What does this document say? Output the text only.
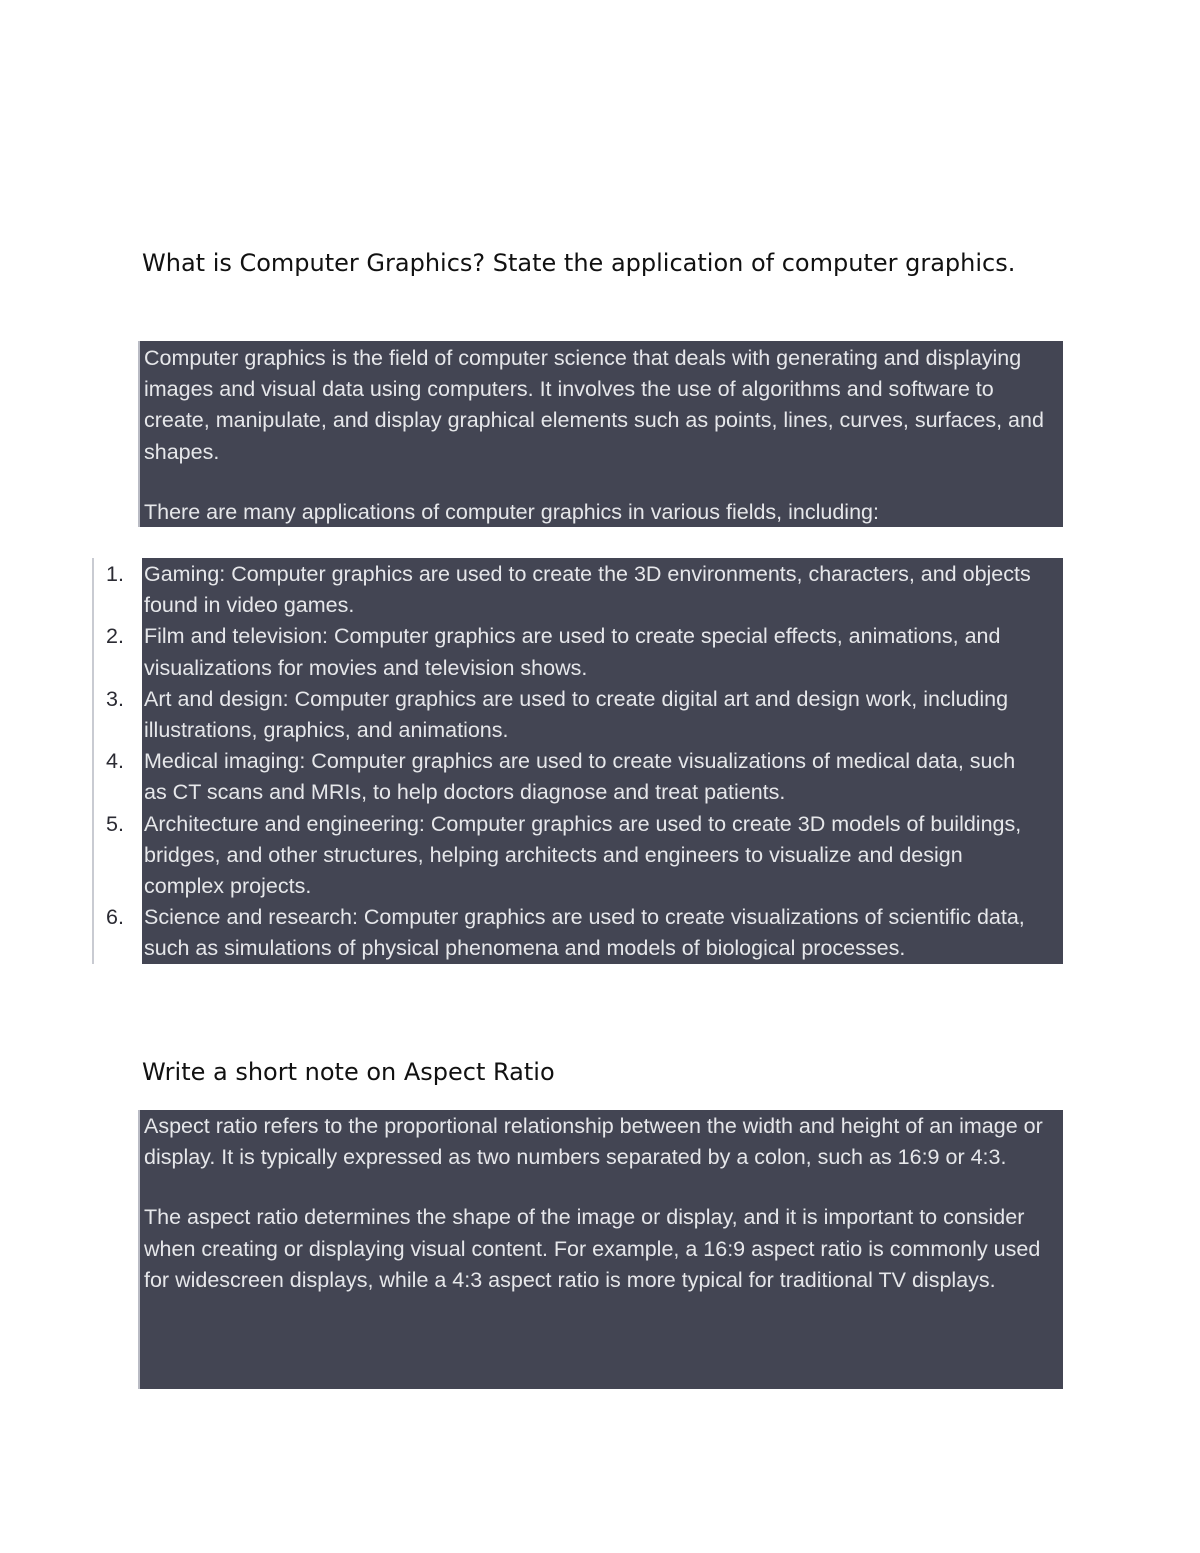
What is Computer Graphics? State the application of computer graphics.

Computer graphics is the field of computer science that deals with generating and displaying images and visual data using computers. It involves the use of algorithms and software to create, manipulate, and display graphical elements such as points, lines, curves, surfaces, and shapes.

There are many applications of computer graphics in various fields, including:

1. Gaming: Computer graphics are used to create the 3D environments, characters, and objects found in video games.
2. Film and television: Computer graphics are used to create special effects, animations, and visualizations for movies and television shows.
3. Art and design: Computer graphics are used to create digital art and design work, including illustrations, graphics, and animations.
4. Medical imaging: Computer graphics are used to create visualizations of medical data, such as CT scans and MRIs, to help doctors diagnose and treat patients.
5. Architecture and engineering: Computer graphics are used to create 3D models of buildings, bridges, and other structures, helping architects and engineers to visualize and design complex projects.
6. Science and research: Computer graphics are used to create visualizations of scientific data, such as simulations of physical phenomena and models of biological processes.
Write a short note on Aspect Ratio

Aspect ratio refers to the proportional relationship between the width and height of an image or display. It is typically expressed as two numbers separated by a colon, such as 16:9 or 4:3.

The aspect ratio determines the shape of the image or display, and it is important to consider when creating or displaying visual content. For example, a 16:9 aspect ratio is commonly used for widescreen displays, while a 4:3 aspect ratio is more typical for traditional TV displays.
